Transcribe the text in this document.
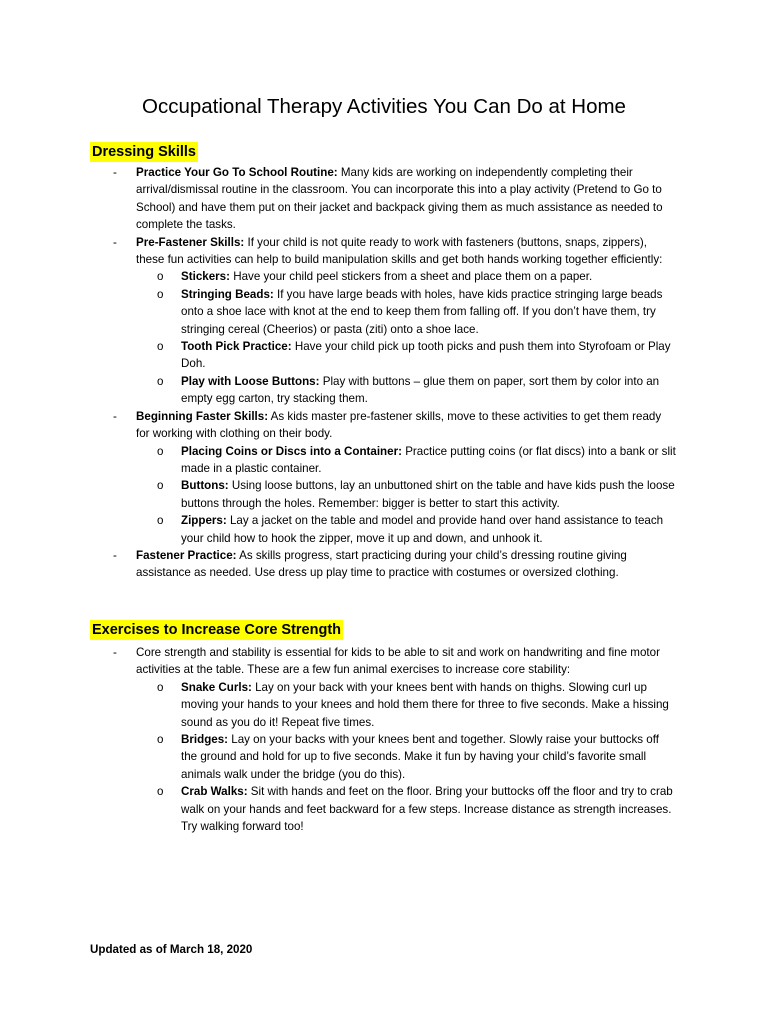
Occupational Therapy Activities You Can Do at Home
Dressing Skills
- Practice Your Go To School Routine: Many kids are working on independently completing their arrival/dismissal routine in the classroom. You can incorporate this into a play activity (Pretend to Go to School) and have them put on their jacket and backpack giving them as much assistance as needed to complete the tasks.
- Pre-Fastener Skills: If your child is not quite ready to work with fasteners (buttons, snaps, zippers), these fun activities can help to build manipulation skills and get both hands working together efficiently:
o Stickers: Have your child peel stickers from a sheet and place them on a paper.
o Stringing Beads: If you have large beads with holes, have kids practice stringing large beads onto a shoe lace with knot at the end to keep them from falling off. If you don’t have them, try stringing cereal (Cheerios) or pasta (ziti) onto a shoe lace.
o Tooth Pick Practice: Have your child pick up tooth picks and push them into Styrofoam or Play Doh.
o Play with Loose Buttons: Play with buttons – glue them on paper, sort them by color into an empty egg carton, try stacking them.
- Beginning Faster Skills: As kids master pre-fastener skills, move to these activities to get them ready for working with clothing on their body.
o Placing Coins or Discs into a Container: Practice putting coins (or flat discs) into a bank or slit made in a plastic container.
o Buttons: Using loose buttons, lay an unbuttoned shirt on the table and have kids push the loose buttons through the holes. Remember: bigger is better to start this activity.
o Zippers: Lay a jacket on the table and model and provide hand over hand assistance to teach your child how to hook the zipper, move it up and down, and unhook it.
- Fastener Practice: As skills progress, start practicing during your child’s dressing routine giving assistance as needed. Use dress up play time to practice with costumes or oversized clothing.
Exercises to Increase Core Strength
- Core strength and stability is essential for kids to be able to sit and work on handwriting and fine motor activities at the table. These are a few fun animal exercises to increase core stability:
o Snake Curls: Lay on your back with your knees bent with hands on thighs. Slowing curl up moving your hands to your knees and hold them there for three to five seconds. Make a hissing sound as you do it! Repeat five times.
o Bridges: Lay on your backs with your knees bent and together. Slowly raise your buttocks off the ground and hold for up to five seconds. Make it fun by having your child’s favorite small animals walk under the bridge (you do this).
o Crab Walks: Sit with hands and feet on the floor. Bring your buttocks off the floor and try to crab walk on your hands and feet backward for a few steps. Increase distance as strength increases. Try walking forward too!
Updated as of March 18, 2020
